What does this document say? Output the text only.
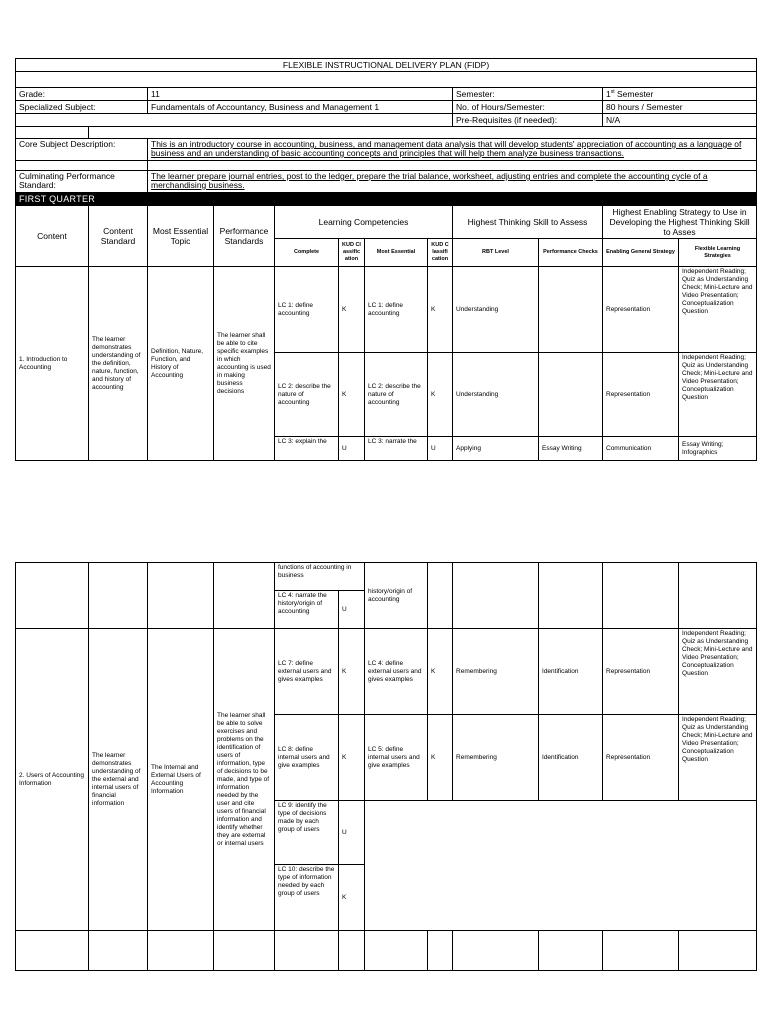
FLEXIBLE INSTRUCTIONAL DELIVERY PLAN (FIDP)											

Grade:		11						Semester:		1st Semester	
Specialized Subject:		Fundamentals of Accountancy, Business and Management 1						No. of Hours/Semester:		80 hours / Semester	
								Pre-Requisites (if needed):		N/A	

Core Subject Description:		This is an introductory course in accounting, business, and management data analysis that will develop students' appreciation of accounting as a language of business and an understanding of basic accounting concepts and principles that will help them analyze business transactions.									

Culminating Performance Standard:		The learner prepare journal entries, post to the ledger, prepare the trial balance, worksheet, adjusting entries and complete the accounting cycle of a merchandising business.									
FIRST QUARTER											
Content	Content Standard	Most Essential Topic	Performance Standards	Learning Competencies				Highest Thinking Skill to Assess		Highest Enabling Strategy to Use in Developing the Highest Thinking Skill to Asses	
				Complete	KUD Classification	Most Essential	KUD Classification	RBT Level	Performance Checks	Enabling General Strategy	Flexible Learning Strategies
1. Introduction to Accounting	The learner demonstrates understanding of the definition, nature, function, and history of accounting	Definition, Nature, Function, and History of Accounting	The learner shall be able to cite specific examples in which accounting is used in making business decisions	LC 1: define accounting	K	LC 1: define accounting	K	Understanding		Representation	Independent Reading; Quiz as Understanding Check; Mini-Lecture and Video Presentation; Conceptualization Question
				LC 2: describe the nature of accounting	K	LC 2: describe the nature of accounting	K	Understanding		Representation	Independent Reading; Quiz as Understanding Check; Mini-Lecture and Video Presentation; Conceptualization Question
				LC 3: explain the	U	LC 3: narrate the	U	Applying	Essay Writing	Communication	Essay Writing; Infographics
				functions of accounting in business		history/origin of accounting					
				LC 4: narrate the history/origin of accounting	U						
2. Users of Accounting Information	The learner demonstrates understanding of the external and internal users of financial information	The Internal and External Users of Accounting Information	The learner shall be able to solve exercises and problems on the identification of users of information, type of decisions to be made, and type of information needed by the user and cite users of financial information and identify whether they are external or internal users	LC 7: define external users and gives examples	K	LC 4: define external users and gives examples	K	Remembering	Identification	Representation	Independent Reading; Quiz as Understanding Check; Mini-Lecture and Video Presentation; Conceptualization Question
				LC 8: define internal users and give examples	K	LC 5: define internal users and give examples	K	Remembering	Identification	Representation	Independent Reading; Quiz as Understanding Check; Mini-Lecture and Video Presentation; Conceptualization Question
				LC 9: identify the type of decisions made by each group of users	U						
				LC 10: describe the type of information needed by each group of users	K						
